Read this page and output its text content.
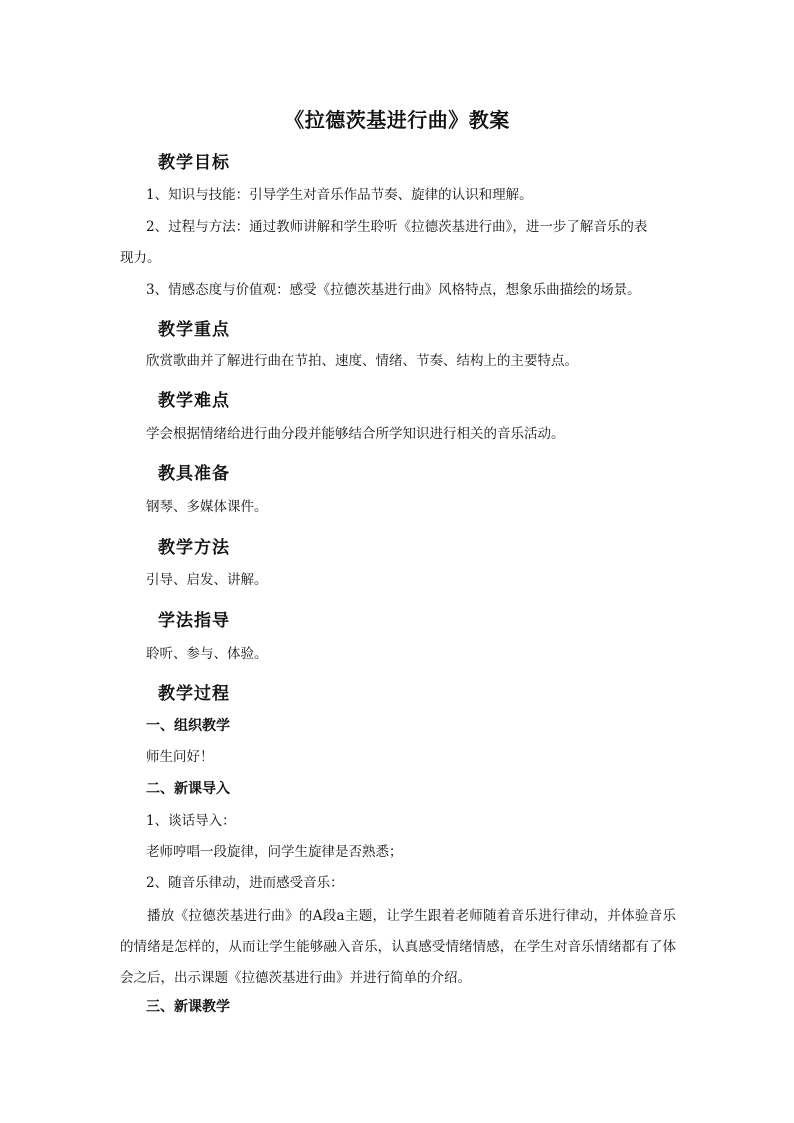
《拉德茨基进行曲》教案
教学目标
1、知识与技能：引导学生对音乐作品节奏、旋律的认识和理解。
2、过程与方法：通过教师讲解和学生聆听《拉德茨基进行曲》，进一步了解音乐的表
现力。
3、情感态度与价值观：感受《拉德茨基进行曲》风格特点，想象乐曲描绘的场景。
教学重点
欣赏歌曲并了解进行曲在节拍、速度、情绪、节奏、结构上的主要特点。
教学难点
学会根据情绪给进行曲分段并能够结合所学知识进行相关的音乐活动。
教具准备
钢琴、多媒体课件。
教学方法
引导、启发、讲解。
学法指导
聆听、参与、体验。
教学过程
一、组织教学
师生问好！
二、新课导入
1、谈话导入：
老师哼唱一段旋律，问学生旋律是否熟悉；
2、随音乐律动，进而感受音乐：
播放《拉德茨基进行曲》的A段a主题，让学生跟着老师随着音乐进行律动，并体验音乐的情绪是怎样的，从而让学生能够融入音乐，认真感受情绪情感，在学生对音乐情绪都有了体会之后，出示课题《拉德茨基进行曲》并进行简单的介绍。
三、新课教学
